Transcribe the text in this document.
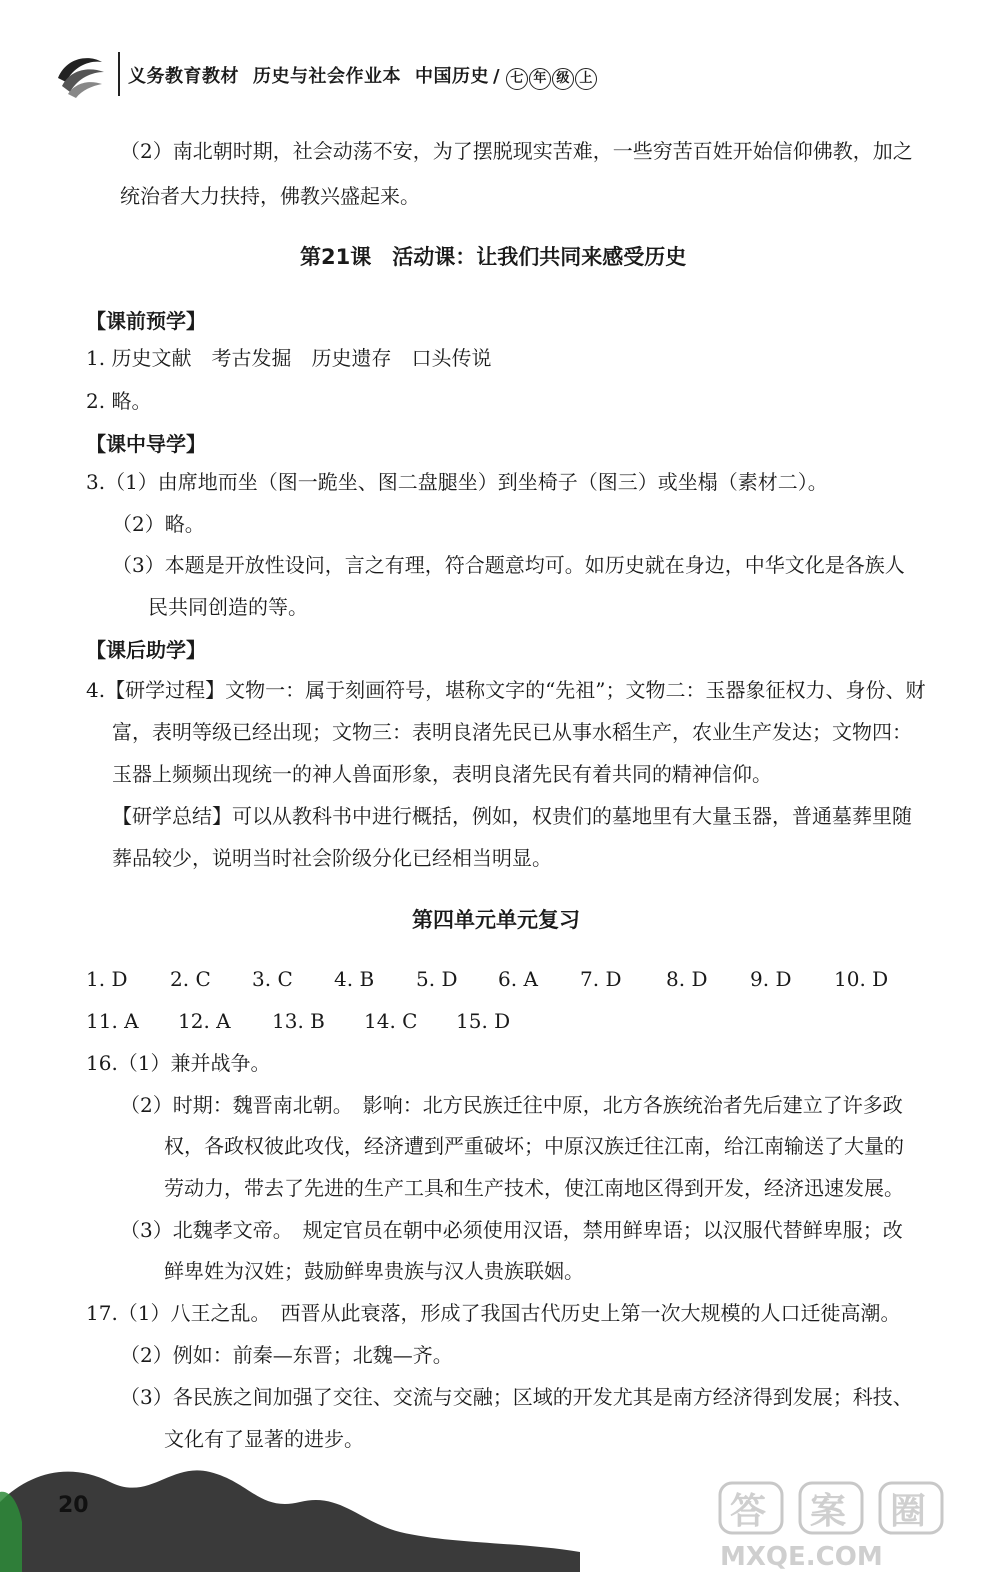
义务教育教材 历史与社会作业本 中国历史 / 七 年 级 上
（2）南北朝时期，社会动荡不安，为了摆脱现实苦难，一些穷苦百姓开始信仰佛教，加之
统治者大力扶持，佛教兴盛起来。
第21课　活动课：让我们共同来感受历史
【课前预学】
1. 历史文献　考古发掘　历史遗存　口头传说
2. 略。
【课中导学】
3.（1）由席地而坐（图一跪坐、图二盘腿坐）到坐椅子（图三）或坐榻（素材二）。
（2）略。
（3）本题是开放性设问，言之有理，符合题意均可。如历史就在身边，中华文化是各族人
民共同创造的等。
【课后助学】
4.【研学过程】文物一：属于刻画符号，堪称文字的“先祖”；文物二：玉器象征权力、身份、财
富，表明等级已经出现；文物三：表明良渚先民已从事水稻生产，农业生产发达；文物四：
玉器上频频出现统一的神人兽面形象，表明良渚先民有着共同的精神信仰。
【研学总结】可以从教科书中进行概括，例如，权贵们的墓地里有大量玉器，普通墓葬里随
葬品较少，说明当时社会阶级分化已经相当明显。
第四单元单元复习
1. D 2. C 3. C 4. B 5. D 6. A 7. D 8. D 9. D 10. D
11. A 12. A 13. B 14. C 15. D
16.（1）兼并战争。
（2）时期：魏晋南北朝。　影响：北方民族迁往中原，北方各族统治者先后建立了许多政
权，各政权彼此攻伐，经济遭到严重破坏；中原汉族迁往江南，给江南输送了大量的
劳动力，带去了先进的生产工具和生产技术，使江南地区得到开发，经济迅速发展。
（3）北魏孝文帝。　规定官员在朝中必须使用汉语，禁用鲜卑语；以汉服代替鲜卑服；改
鲜卑姓为汉姓；鼓励鲜卑贵族与汉人贵族联姻。
17.（1）八王之乱。　西晋从此衰落，形成了我国古代历史上第一次大规模的人口迁徙高潮。
（2）例如：前秦—东晋；北魏—齐。
（3）各民族之间加强了交往、交流与交融；区域的开发尤其是南方经济得到发展；科技、
文化有了显著的进步。
20	答 案 圈
MXQE.COM
